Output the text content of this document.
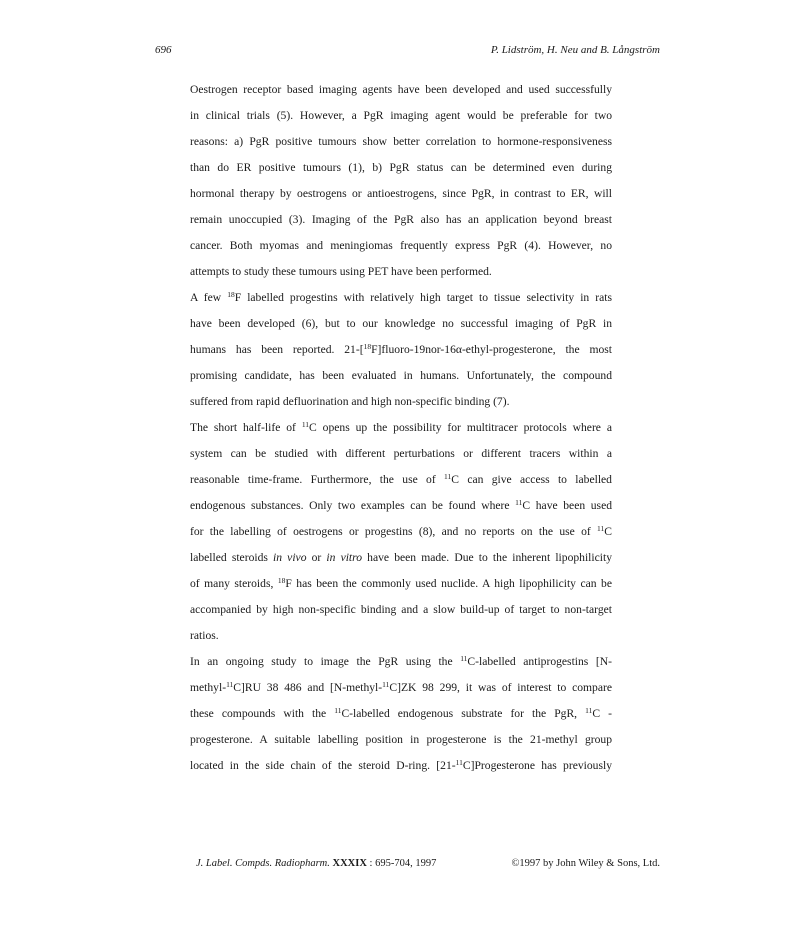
696	P. Lidström, H. Neu and B. Långström
Oestrogen receptor based imaging agents have been developed and used successfully
in clinical trials (5). However, a PgR imaging agent would be preferable for two
reasons: a) PgR positive tumours show better correlation to hormone-responsiveness
than do ER positive tumours (1), b) PgR status can be determined even during
hormonal therapy by oestrogens or antioestrogens, since PgR, in contrast to ER, will
remain unoccupied (3). Imaging of the PgR also has an application beyond breast
cancer. Both myomas and meningiomas frequently express PgR (4). However, no
attempts to study these tumours using PET have been performed.
A few $^{18}$F labelled progestins with relatively high target to tissue selectivity in rats
have been developed (6), but to our knowledge no successful imaging of PgR in
humans has been reported. 21-[$^{18}$F]fluoro-19nor-16α-ethyl-progesterone, the most
promising candidate, has been evaluated in humans. Unfortunately, the compound
suffered from rapid defluorination and high non-specific binding (7).
The short half-life of $^{11}$C opens up the possibility for multitracer protocols where a
system can be studied with different perturbations or different tracers within a
reasonable time-frame. Furthermore, the use of $^{11}$C can give access to labelled
endogenous substances. Only two examples can be found where $^{11}$C have been used
for the labelling of oestrogens or progestins (8), and no reports on the use of $^{11}$C
labelled steroids in vivo or in vitro have been made. Due to the inherent lipophilicity
of many steroids, $^{18}$F has been the commonly used nuclide. A high lipophilicity can be
accompanied by high non-specific binding and a slow build-up of target to non-target
ratios.
In an ongoing study to image the PgR using the $^{11}$C-labelled antiprogestins [N-
methyl-$^{11}$C]RU 38 486 and [N-methyl-$^{11}$C]ZK 98 299, it was of interest to compare
these compounds with the $^{11}$C-labelled endogenous substrate for the PgR, $^{11}$C -
progesterone. A suitable labelling position in progesterone is the 21-methyl group
located in the side chain of the steroid D-ring. [21-$^{11}$C]Progesterone has previously
J. Label. Compds. Radiopharm. XXXIX : 695-704, 1997	©1997 by John Wiley & Sons, Ltd.
